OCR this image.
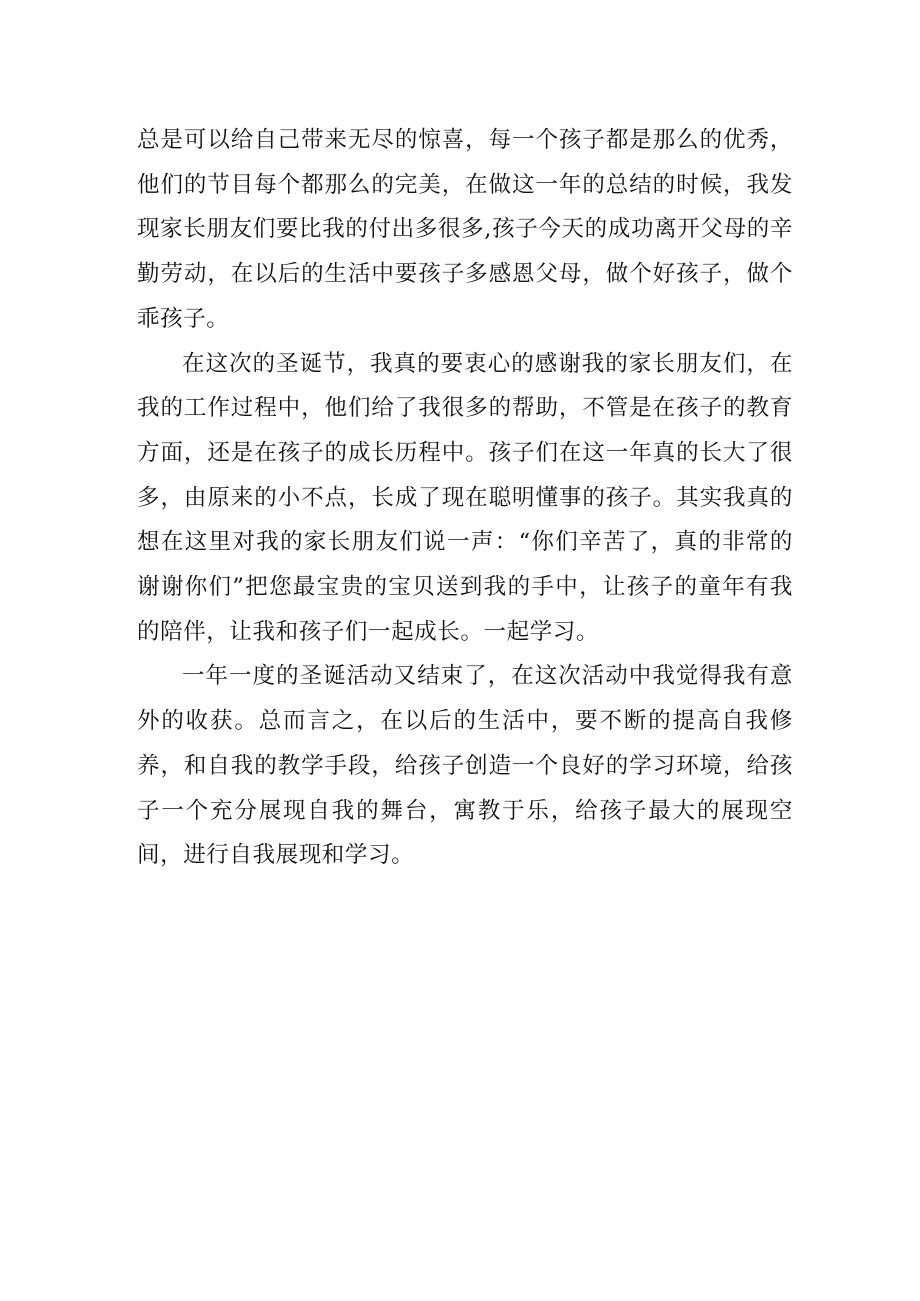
总是可以给自己带来无尽的惊喜，每一个孩子都是那么的优秀，他们的节目每个都那么的完美，在做这一年的总结的时候，我发现家长朋友们要比我的付出多很多,孩子今天的成功离开父母的辛勤劳动，在以后的生活中要孩子多感恩父母，做个好孩子，做个乖孩子。

在这次的圣诞节，我真的要衷心的感谢我的家长朋友们，在我的工作过程中，他们给了我很多的帮助，不管是在孩子的教育方面，还是在孩子的成长历程中。孩子们在这一年真的长大了很多，由原来的小不点，长成了现在聪明懂事的孩子。其实我真的想在这里对我的家长朋友们说一声：“你们辛苦了，真的非常的谢谢你们”把您最宝贵的宝贝送到我的手中，让孩子的童年有我的陪伴，让我和孩子们一起成长。一起学习。

一年一度的圣诞活动又结束了，在这次活动中我觉得我有意外的收获。总而言之，在以后的生活中，要不断的提高自我修养，和自我的教学手段，给孩子创造一个良好的学习环境，给孩子一个充分展现自我的舞台，寓教于乐，给孩子最大的展现空间，进行自我展现和学习。
